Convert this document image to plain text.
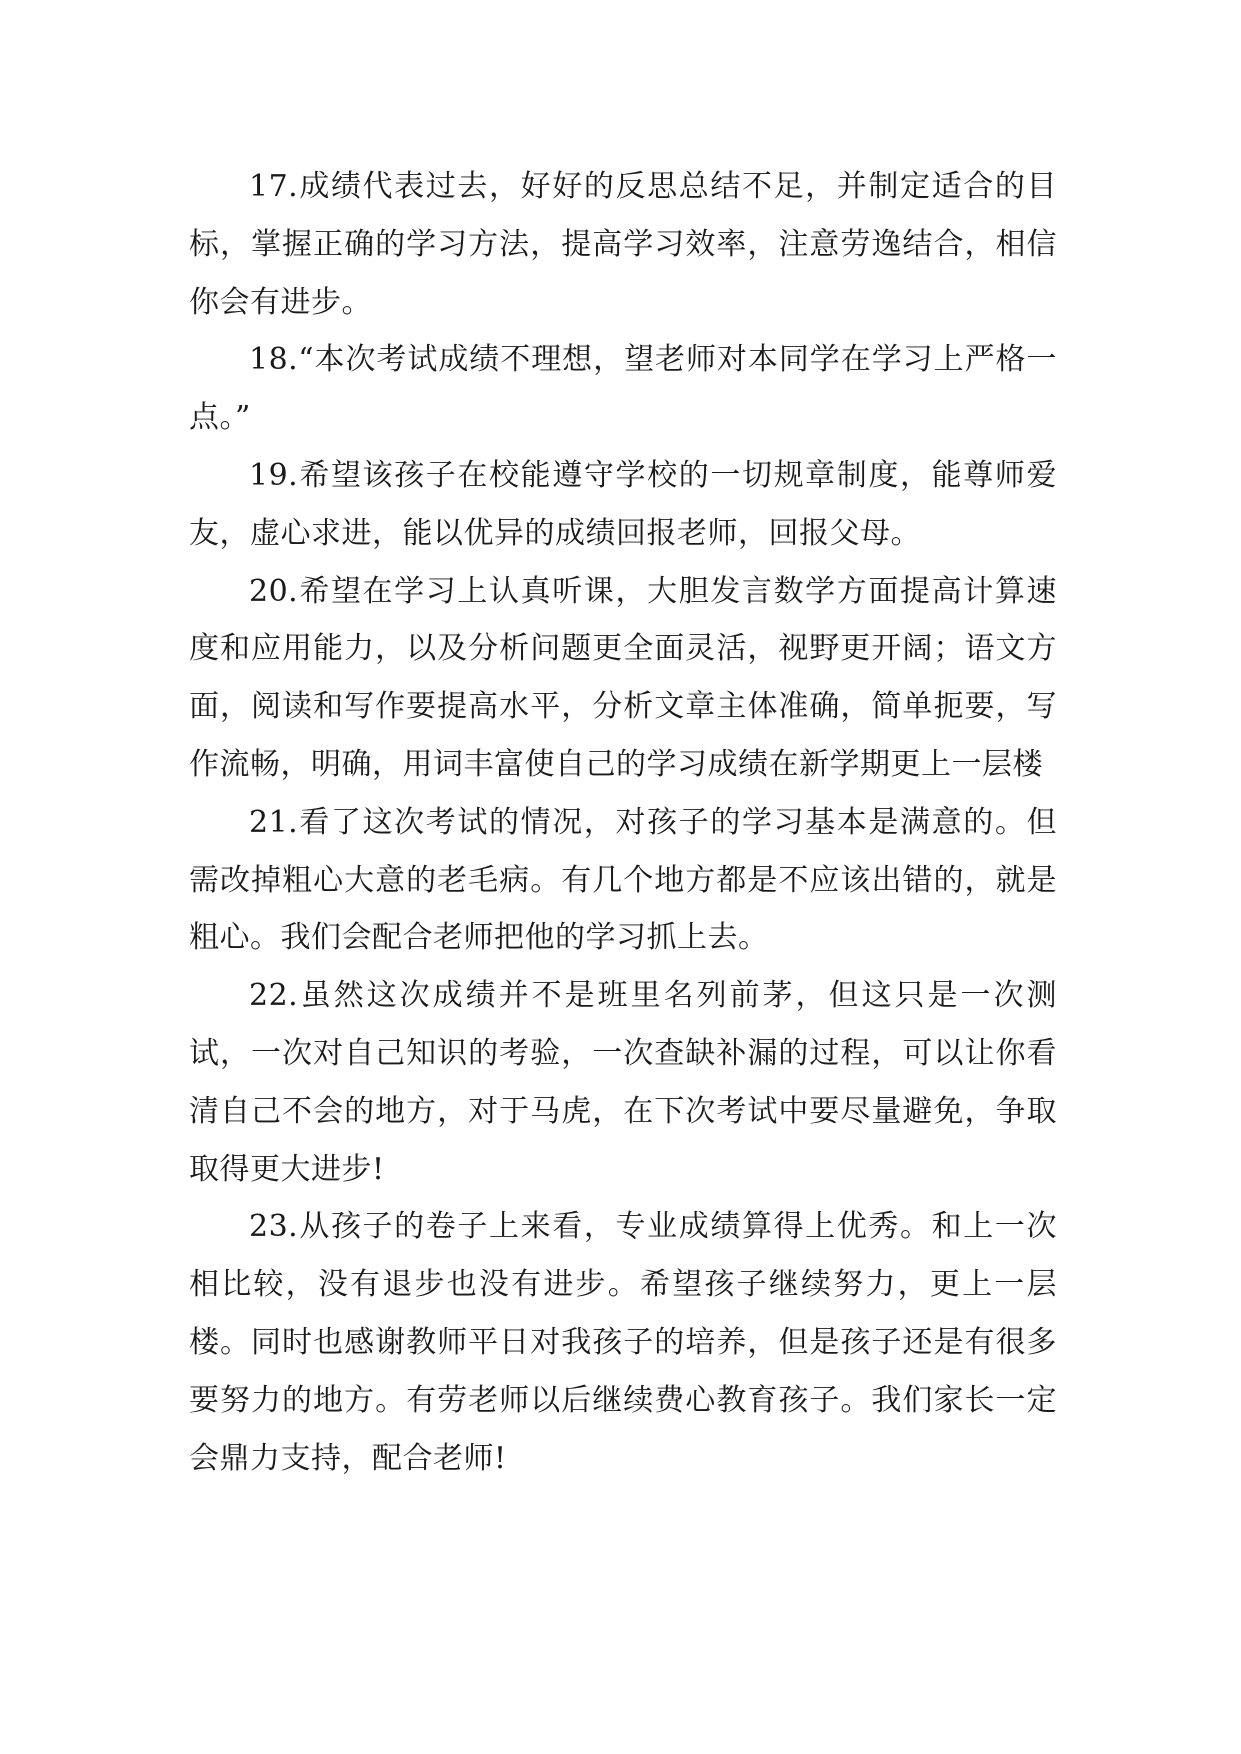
17.成绩代表过去，好好的反思总结不足，并制定适合的目标，掌握正确的学习方法，提高学习效率，注意劳逸结合，相信你会有进步。

18.“本次考试成绩不理想，望老师对本同学在学习上严格一点。”

19.希望该孩子在校能遵守学校的一切规章制度，能尊师爱友，虚心求进，能以优异的成绩回报老师，回报父母。

20.希望在学习上认真听课，大胆发言数学方面提高计算速度和应用能力，以及分析问题更全面灵活，视野更开阔；语文方面，阅读和写作要提高水平，分析文章主体准确，简单扼要，写作流畅，明确，用词丰富使自己的学习成绩在新学期更上一层楼

21.看了这次考试的情况，对孩子的学习基本是满意的。但需改掉粗心大意的老毛病。有几个地方都是不应该出错的，就是粗心。我们会配合老师把他的学习抓上去。

22.虽然这次成绩并不是班里名列前茅，但这只是一次测试，一次对自己知识的考验，一次查缺补漏的过程，可以让你看清自己不会的地方，对于马虎，在下次考试中要尽量避免，争取取得更大进步!

23.从孩子的卷子上来看，专业成绩算得上优秀。和上一次相比较，没有退步也没有进步。希望孩子继续努力，更上一层楼。同时也感谢教师平日对我孩子的培养，但是孩子还是有很多要努力的地方。有劳老师以后继续费心教育孩子。我们家长一定会鼎力支持，配合老师!
